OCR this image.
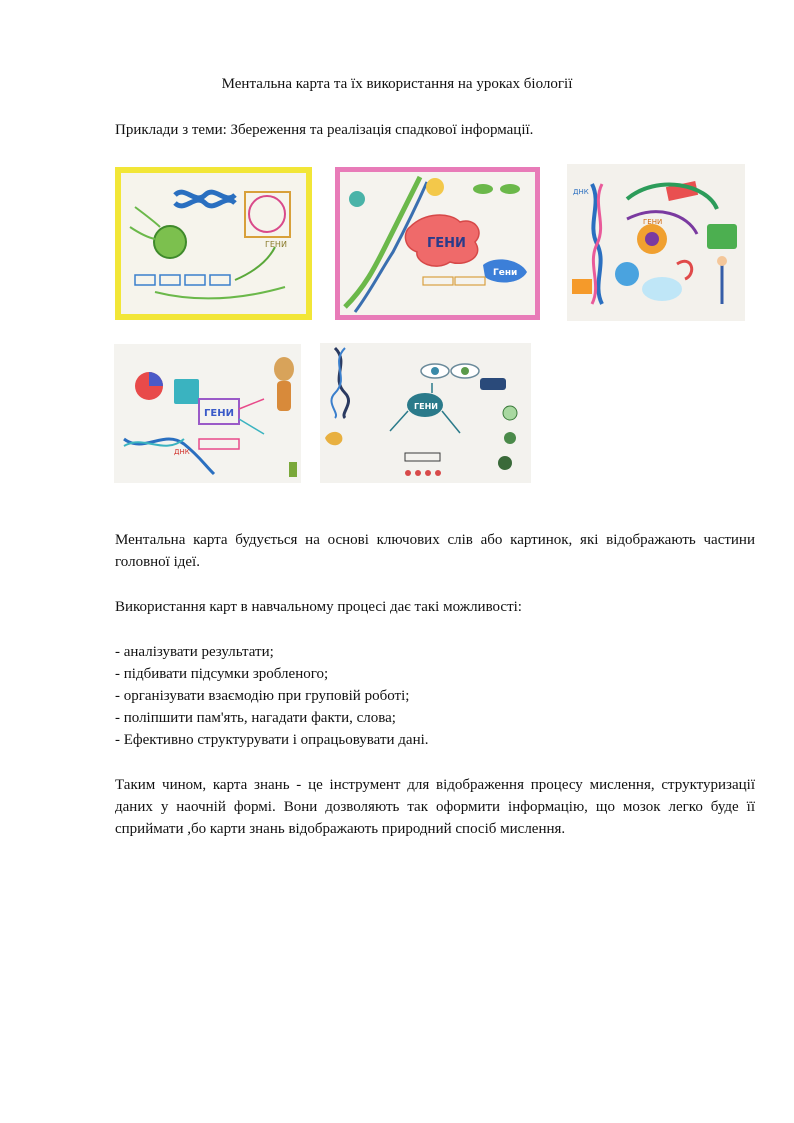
Ментальна карта та їх використання на уроках біології
Приклади з теми: Збереження та реалізація спадкової інформації.
ГЕНИ	ГЕНИ
Гени
ДНК
ГЕНИ
ГЕНИ
ДНК
ГЕНИ

Ментальна карта будується на основі ключових слів або картинок, які відображають частини головної ідеї.

Використання карт в навчальному процесі дає такі можливості:

- аналізувати результати;
- підбивати підсумки зробленого;
- організувати взаємодію при груповій роботі;
- поліпшити пам'ять, нагадати факти, слова;
- Ефективно структурувати і опрацьовувати дані.

Таким чином, карта знань - це інструмент для відображення процесу мислення, структуризації даних у наочній формі. Вони дозволяють так оформити інформацію, що мозок легко буде її сприймати ,бо карти знань відображають природний спосіб мислення.
